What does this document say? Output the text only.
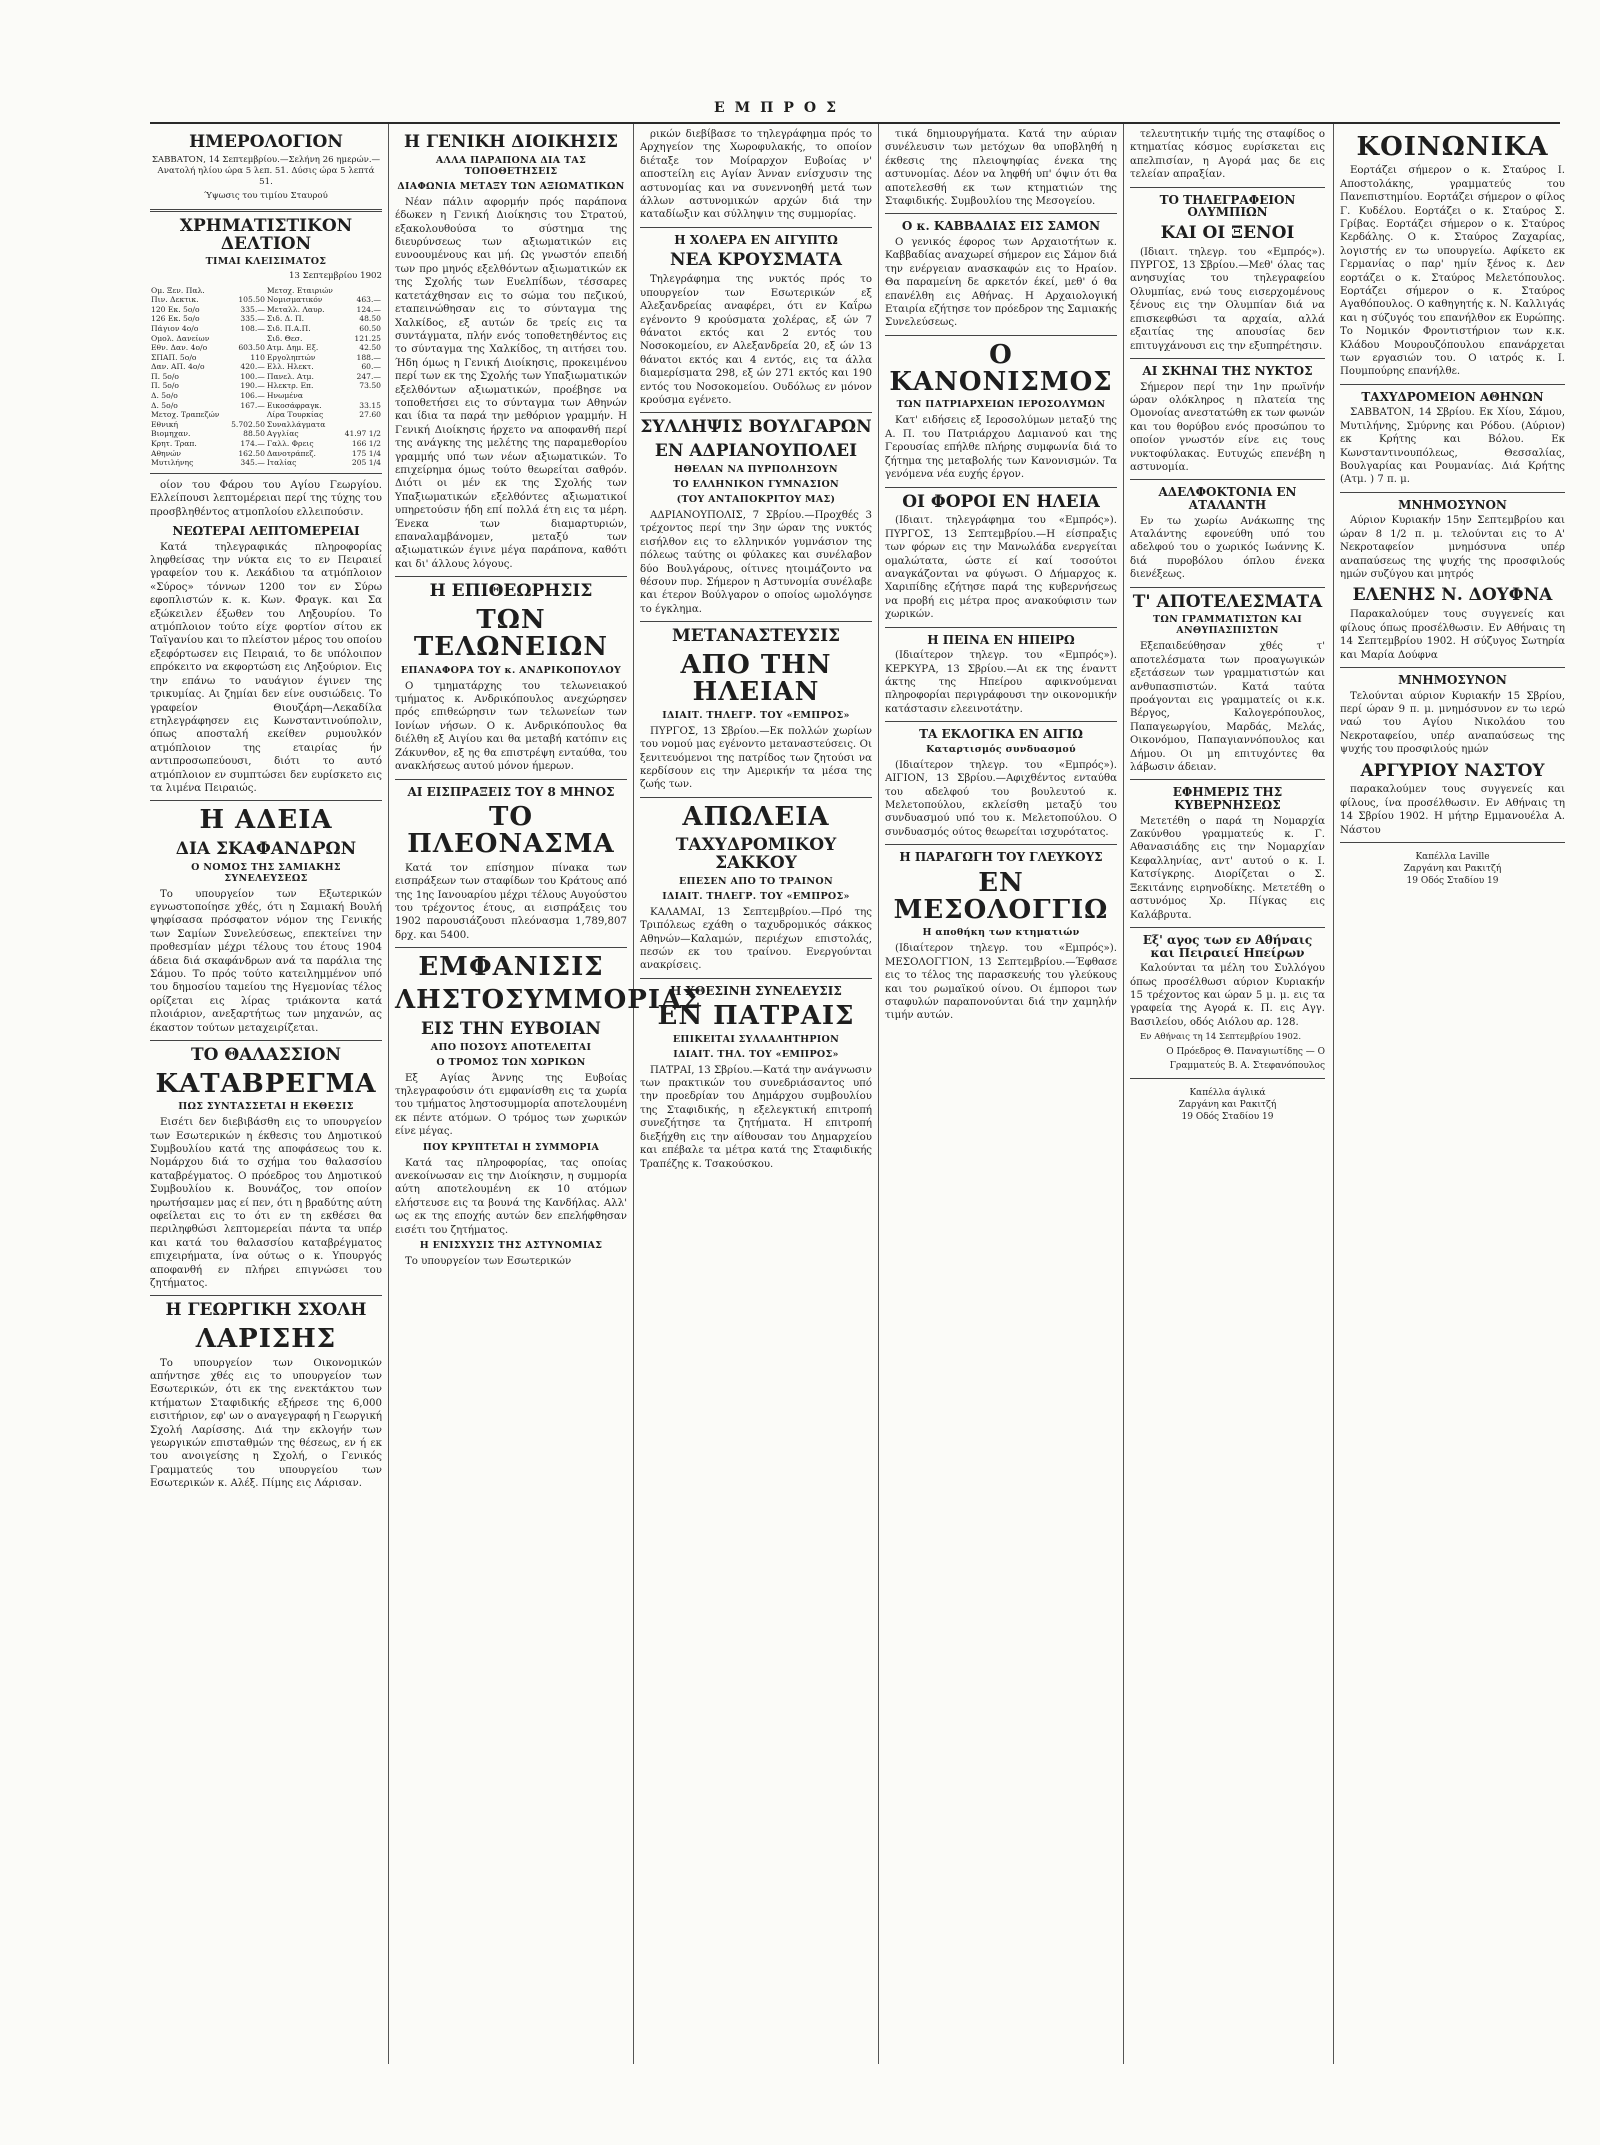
ΕΜΠΡΟΣ
ΗΜΕΡΟΛΟΓΙΟΝ

ΣΑΒΒΑΤΟΝ, 14 Σεπτεμβρίου.—Σελήνη 26 ημερών.— Ανατολή ηλίου ώρα 5 λεπ. 51. Δύσις ώρα 5 λεπτά 51.

Ύψωσις του τιμίου Σταυρού

ΧΡΗΜΑΤΙΣΤΙΚΟΝ ΔΕΛΤΙΟΝ
ΤΙΜΑΙ ΚΛΕΙΣΙΜΑΤΟΣ

13 Σεπτεμβρίου 1902

Ομ. Ξεν. Παλ.		Μετοχ. Εταιριών	
Πιν. Δεκτικ.	105.50	Νομισματικόν	463.—
120 Εκ. 5ο/ο	335.—	Μεταλλ. Λαυρ.	124.—
126 Εκ. 5ο/ο	335.—	Σιδ. Δ. Π.	48.50
Πάγιον 4ο/ο	108.—	Σιδ. Π.Α.Π.	60.50
Ομολ. Δανείων		Σιδ. Θεσ.	121.25
Εθν. Δαν. 4ο/ο	603.50	Ατμ. Δημ. Εξ.	42.50
ΣΠΑΠ. 5ο/ο	110	Εργοληπτών	188.—
Δαν. ΑΠ. 4ο/ο	420.—	Ελλ. Ηλεκτ.	60.—
Π. 5ο/ο	100.—	Πανελ. Ατμ.	247.—
Π. 5ο/ο	190.—	Ηλεκτρ. Επ.	73.50
Δ. 5ο/ο	106.—	Ηνωμένα	
Δ. 5ο/ο	167.—	Εικοσάφραγκ.	33.15
Μετοχ. Τραπεζών		Λίρα Τουρκίας	27.60
Εθνική	5.702.50	Συναλλάγματα	
Βιομηχαν.	88.50	Αγγλίας	41.97 1/2
Κρητ. Τραπ.	174.—	Γαλλ. Φρεις	166 1/2
Αθηνών	162.50	Δανοτράπεζ.	175 1/4
Μυτιλήνης	345.—	Ιταλίας	205 1/4

οίον του Φάρου του Αγίου Γεωργίου. Ελλείπουσι λεπτομέρειαι περί της τύχης του προσβληθέντος ατμοπλοίου ελλειπούσιν.

ΝΕΩΤΕΡΑΙ ΛΕΠΤΟΜΕΡΕΙΑΙ

Κατά τηλεγραφικάς πληροφορίας ληφθείσας την νύκτα εις το εν Πειραιεί γραφείον του κ. Λεκάδιου τα ατμόπλοιον «Σύρος» τόννων 1200 τον εν Σύρω εφοπλιστών κ. κ. Κων. Φραγκ. και Σα εξώκειλεν έξωθεν του Ληξουρίου. Το ατμόπλοιον τούτο είχε φορτίον σίτου εκ Ταϊγανίου και το πλείστον μέρος του οποίου εξεφόρτωσεν εις Πειραιά, το δε υπόλοιπον επρόκειτο να εκφορτώση εις Ληξούριον. Εις την επάνω το ναυάγιον έγινεν της τρικυμίας. Αι ζημίαι δεν είνε ουσιώδεις. Το γραφείον Θιουζάρη—Λεκαδίλα ετηλεγράφησεν εις Κωνσταντινούπολιν, όπως αποσταλή εκείθεν ρυμουλκόν ατμόπλοιον της εταιρίας ήν αντιπροσωπεύουσι, διότι το αυτό ατμόπλοιον εν συμπτώσει δεν ευρίσκετο εις τα λιμένα Πειραιώς.

Η ΑΔΕΙΑ
ΔΙΑ ΣΚΑΦΑΝΔΡΩΝ
Ο ΝΟΜΟΣ ΤΗΣ ΣΑΜΙΑΚΗΣ ΣΥΝΕΛΕΥΣΕΩΣ

Το υπουργείον των Εξωτερικών εγνωστοποίησε χθές, ότι η Σαμιακή Βουλή ψηφίσασα πρόσφατον νόμον της Γενικής των Σαμίων Συνελεύσεως, επεκτείνει την προθεσμίαν μέχρι τέλους του έτους 1904 άδεια διά σκαφάνδρων ανά τα παράλια της Σάμου. Το πρός τούτο κατειλημμένον υπό του δημοσίου ταμείου της Ηγεμονίας τέλος ορίζεται εις λίρας τριάκοντα κατά πλοιάριον, ανεξαρτήτως των μηχανών, ας έκαστον τούτων μεταχειρίζεται.

ΤΟ ΘΑΛΑΣΣΙΟΝ
ΚΑΤΑΒΡΕΓΜΑ
ΠΩΣ ΣΥΝΤΑΣΣΕΤΑΙ Η ΕΚΘΕΣΙΣ

Εισέτι δεν διεβιβάσθη εις το υπουργείον των Εσωτερικών η έκθεσις του Δημοτικού Συμβουλίου κατά της αποφάσεως του κ. Νομάρχου διά το σχήμα του θαλασσίου καταβρέγματος. Ο πρόεδρος του Δημοτικού Συμβουλίου κ. Βουνάζος, τον οποίον ηρωτήσαμεν μας εί πεν, ότι η βραδύτης αύτη οφείλεται εις το ότι εν τη εκθέσει θα περιληφθώσι λεπτομερείαι πάντα τα υπέρ και κατά του θαλασσίου καταβρέγματος επιχειρήματα, ίνα ούτως ο κ. Υπουργός αποφανθή εν πλήρει επιγνώσει του ζητήματος.

Η ΓΕΩΡΓΙΚΗ ΣΧΟΛΗ
ΛΑΡΙΣΗΣ

Το υπουργείον των Οικονομικών απήντησε χθές εις το υπουργείον των Εσωτερικών, ότι εκ της ενεκτάκτου των κτήματων Σταφιδικής εξήρεσε της 6,000 εισιτήριον, εφ' ων ο αναγεγραφή η Γεωργική Σχολή Λαρίσσης. Διά την εκλογήν των γεωργικών επισταθμών της θέσεως, εν ή εκ του ανοιγείσης η Σχολή, ο Γενικός Γραμματεύς του υπουργείου των Εσωτερικών κ. Αλέξ. Πίμης εις Λάρισαν.

Η ΓΕΝΙΚΗ ΔΙΟΙΚΗΣΙΣ
ΑΛΛΑ ΠΑΡΑΠΟΝΑ ΔΙΑ ΤΑΣ ΤΟΠΟΘΕΤΗΣΕΙΣ
ΔΙΑΦΩΝΙΑ ΜΕΤΑΞΥ ΤΩΝ ΑΞΙΩΜΑΤΙΚΩΝ

Νέαν πάλιν αφορμήν πρός παράπονα έδωκεν η Γενική Διοίκησις του Στρατού, εξακολουθούσα το σύστημα της διευρύνσεως των αξιωματικών εις ευνοουμένους και μή. Ως γνωστόν επειδή των προ μηνός εξελθόντων αξιωματικών εκ της Σχολής των Ευελπίδων, τέσσαρες κατετάχθησαν εις το σώμα του πεζικού, εταπεινώθησαν εις το σύνταγμα της Χαλκίδος, εξ αυτών δε τρείς εις τα συντάγματα, πλήν ενός τοποθετηθέντος εις το σύνταγμα της Χαλκίδος, τη αιτήσει του. Ήδη όμως η Γενική Διοίκησις, προκειμένου περί των εκ της Σχολής των Υπαξιωματικών εξελθόντων αξιωματικών, προέβησε να τοποθετήσει εις το σύνταγμα των Αθηνών και ίδια τα παρά την μεθόριον γραμμήν. Η Γενική Διοίκησις ήρχετο να αποφανθή περί της ανάγκης της μελέτης της παραμεθορίου γραμμής υπό των νέων αξιωματικών. Το επιχείρημα όμως τούτο θεωρείται σαθρόν. Διότι οι μέν εκ της Σχολής των Υπαξιωματικών εξελθόντες αξιωματικοί υπηρετούσιν ήδη επί πολλά έτη εις τα μέρη. Ένεκα των διαμαρτυριών, επαναλαμβάνομεν, μεταξύ των αξιωματικών έγινε μέγα παράπονα, καθότι και δι' άλλους λόγους.

Η ΕΠΙΘΕΩΡΗΣΙΣ
ΤΩΝ ΤΕΛΩΝΕΙΩΝ
ΕΠΑΝΑΦΟΡΑ ΤΟΥ κ. ΑΝΔΡΙΚΟΠΟΥΛΟΥ

Ο τμηματάρχης του τελωνειακού τμήματος κ. Ανδρικόπουλος ανεχώρησεν πρός επιθεώρησιν των τελωνείων των Ιονίων νήσων. Ο κ. Ανδρικόπουλος θα διέλθη εξ Αιγίου και θα μεταβή κατόπιν εις Ζάκυνθον, εξ ης θα επιστρέψη ενταύθα, του ανακλήσεως αυτού μόνον ήμερων.

ΑΙ ΕΙΣΠΡΑΞΕΙΣ ΤΟΥ 8 ΜΗΝΟΣ
ΤΟ ΠΛΕΟΝΑΣΜΑ

Κατά τον επίσημον πίνακα των εισπράξεων των σταφίδων του Κράτους από της 1ης Ιανουαρίου μέχρι τέλους Αυγούστου του τρέχοντος έτους, αι εισπράξεις του 1902 παρουσιάζουσι πλεόνασμα 1,789,807 δρχ. και 5400.

ΕΜΦΑΝΙΣΙΣ
ΛΗΣΤΟΣΥΜΜΟΡΙΑΣ
ΕΙΣ ΤΗΝ ΕΥΒΟΙΑΝ
ΑΠΟ ΠΟΣΟΥΣ ΑΠΟΤΕΛΕΙΤΑΙ
Ο ΤΡΟΜΟΣ ΤΩΝ ΧΩΡΙΚΩΝ

Εξ Αγίας Άννης της Ευβοίας τηλεγραφούσιν ότι εμφανίσθη εις τα χωρία του τμήματος ληστοσυμμορία αποτελουμένη εκ πέντε ατόμων. Ο τρόμος των χωρικών είνε μέγας.

ΠΟΥ ΚΡΥΠΤΕΤΑΙ Η ΣΥΜΜΟΡΙΑ

Κατά τας πληροφορίας, τας οποίας ανεκοίνωσαν εις την Διοίκησιν, η συμμορία αύτη αποτελουμένη εκ 10 ατόμων ελήστευσε εις τα βουνά της Κανδήλας. Αλλ' ως εκ της εποχής αυτών δεν επελήφθησαν εισέτι του ζητήματος.

Η ΕΝΙΣΧΥΣΙΣ ΤΗΣ ΑΣΤΥΝΟΜΙΑΣ

Το υπουργείον των Εσωτερικών

ρικών διεβίβασε το τηλεγράφημα πρός το Αρχηγείον της Χωροφυλακής, το οποίον διέταξε τον Μοίραρχον Ευβοίας ν' αποστείλη εις Αγίαν Άνναν ενίσχυσιν της αστυνομίας και να συνεννοηθή μετά των άλλων αστυνομικών αρχών διά την καταδίωξιν και σύλληψιν της συμμορίας.

Η ΧΟΛΕΡΑ ΕΝ ΑΙΓΥΠΤΩ
ΝΕΑ ΚΡΟΥΣΜΑΤΑ

Τηλεγράφημα της νυκτός πρός το υπουργείον των Εσωτερικών εξ Αλεξανδρείας αναφέρει, ότι εν Καΐρω εγένοντο 9 κρούσματα χολέρας, εξ ών 7 θάνατοι εκτός και 2 εντός του Νοσοκομείου, εν Αλεξανδρεία 20, εξ ών 13 θάνατοι εκτός και 4 εντός, εις τα άλλα διαμερίσματα 298, εξ ών 271 εκτός και 190 εντός του Νοσοκομείου. Ουδόλως εν μόνον κρούσμα εγένετο.

ΣΥΛΛΗΨΙΣ ΒΟΥΛΓΑΡΩΝ
ΕΝ ΑΔΡΙΑΝΟΥΠΟΛΕΙ
ΗΘΕΛΑΝ ΝΑ ΠΥΡΠΟΛΗΣΟΥΝ
ΤΟ ΕΛΛΗΝΙΚΟΝ ΓΥΜΝΑΣΙΟΝ
(ΤΟΥ ΑΝΤΑΠΟΚΡΙΤΟΥ ΜΑΣ)

ΑΔΡΙΑΝΟΥΠΟΛΙΣ, 7 Σβρίου.—Προχθές 3 τρέχοντος περί την 3ην ώραν της νυκτός εισήλθον εις το ελληνικόν γυμνάσιον της πόλεως ταύτης οι φύλακες και συνέλαβον δύο Βουλγάρους, οίτινες ητοιμάζοντο να θέσουν πυρ. Σήμερον η Αστυνομία συνέλαβε και έτερον Βούλγαρον ο οποίος ωμολόγησε το έγκλημα.

ΜΕΤΑΝΑΣΤΕΥΣΙΣ
ΑΠΟ ΤΗΝ ΗΛΕΙΑΝ
ΙΔΙΑΙΤ. ΤΗΛΕΓΡ. ΤΟΥ «ΕΜΠΡΟΣ»

ΠΥΡΓΟΣ, 13 Σβρίου.—Εκ πολλών χωρίων του νομού μας εγένοντο μεταναστεύσεις. Οι ξενιτευόμενοι της πατρίδος των ζητούσι να κερδίσουν εις την Αμερικήν τα μέσα της ζωής των.

ΑΠΩΛΕΙΑ
ΤΑΧΥΔΡΟΜΙΚΟΥ ΣΑΚΚΟΥ
ΕΠΕΣΕΝ ΑΠΟ ΤΟ ΤΡΑΙΝΟΝ
ΙΔΙΑΙΤ. ΤΗΛΕΓΡ. ΤΟΥ «ΕΜΠΡΟΣ»

ΚΑΛΑΜΑΙ, 13 Σεπτεμβρίου.—Πρό της Τριπόλεως εχάθη ο ταχυδρομικός σάκκος Αθηνών—Καλαμών, περιέχων επιστολάς, πεσών εκ του τραίνου. Ενεργούνται ανακρίσεις.

Η ΧΘΕΣΙΝΗ ΣΥΝΕΛΕΥΣΙΣ
ΕΝ ΠΑΤΡΑΙΣ
ΕΠΙΚΕΙΤΑΙ ΣΥΛΛΑΛΗΤΗΡΙΟΝ
ΙΔΙΑΙΤ. ΤΗΛ. ΤΟΥ «ΕΜΠΡΟΣ»

ΠΑΤΡΑΙ, 13 Σβρίου.—Κατά την ανάγνωσιν των πρακτικών του συνεδριάσαντος υπό την προεδρίαν του Δημάρχου συμβουλίου της Σταφιδικής, η εξελεγκτική επιτροπή συνεζήτησε τα ζητήματα. Η επιτροπή διεξήχθη εις την αίθουσαν του Δημαρχείου και επέβαλε τα μέτρα κατά της Σταφιδικής Τραπέζης κ. Τσακούσκου.

τικά δημιουργήματα. Κατά την αύριαν συνέλευσιν των μετόχων θα υποβληθή η έκθεσις της πλειοψηφίας ένεκα της αστυνομίας. Δέον να ληφθή υπ' όψιν ότι θα αποτελεσθή εκ των κτηματιών της Σταφιδικής. Συμβουλίου της Μεσογείου.

Ο κ. ΚΑΒΒΑΔΙΑΣ ΕΙΣ ΣΑΜΟΝ

Ο γενικός έφορος των Αρχαιοτήτων κ. Καββαδίας αναχωρεί σήμερον εις Σάμον διά την ενέργειαν ανασκαφών εις το Ηραίον. Θα παραμείνη δε αρκετόν έκεί, μεθ' ό θα επανέλθη εις Αθήνας. Η Αρχαιολογική Εταιρία εζήτησε τον πρόεδρον της Σαμιακής Συνελεύσεως.

Ο ΚΑΝΟΝΙΣΜΟΣ
ΤΩΝ ΠΑΤΡΙΑΡΧΕΙΩΝ ΙΕΡΟΣΟΛΥΜΩΝ

Κατ' ειδήσεις εξ Ιεροσολύμων μεταξύ της Α. Π. του Πατριάρχου Δαμιανού και της Γερουσίας επήλθε πλήρης συμφωνία διά το ζήτημα της μεταβολής των Κανονισμών. Τα γενόμενα νέα ευχής έργον.

ΟΙ ΦΟΡΟΙ ΕΝ ΗΛΕΙΑ

(Ιδιαιτ. τηλεγράφημα του «Εμπρός»). ΠΥΡΓΟΣ, 13 Σεπτεμβρίου.—Η είσπραξις των φόρων εις την Μανωλάδα ενεργείται ομαλώτατα, ώστε εί καί τοσούτοι αναγκάζονται να φύγωσι. Ο Δήμαρχος κ. Χαριπίδης εζήτησε παρά της κυβερνήσεως να προβή εις μέτρα προς ανακούφισιν των χωρικών.

Η ΠΕΙΝΑ ΕΝ ΗΠΕΙΡΩ

(Ιδιαίτερον τηλεγρ. του «Εμπρός»). ΚΕΡΚΥΡΑ, 13 Σβρίου.—Αι εκ της ένανττ άκτης της Ηπείρου αφικνούμεναι πληροφορίαι περιγράφουσι την οικονομικήν κατάστασιν ελεεινοτάτην.

ΤΑ ΕΚΛΟΓΙΚΑ ΕΝ ΑΙΓΙΩ
Καταρτισμός συνδυασμού

(Ιδιαίτερον τηλεγρ. του «Εμπρός»). ΑΙΓΙΟΝ, 13 Σβρίου.—Αφιχθέντος ενταύθα του αδελφού του βουλευτού κ. Μελετοπούλου, εκλείσθη μεταξύ του συνδυασμού υπό του κ. Μελετοπούλου. Ο συνδυασμός ούτος θεωρείται ισχυρότατος.

Η ΠΑΡΑΓΩΓΗ ΤΟΥ ΓΛΕΥΚΟΥΣ
ΕΝ ΜΕΣΟΛΟΓΓΙΩ
Η αποθήκη των κτηματιών

(Ιδιαίτερον τηλεγρ. του «Εμπρός»). ΜΕΣΟΛΟΓΓΙΟΝ, 13 Σεπτεμβρίου.—Έφθασε εις το τέλος της παρασκευής του γλεύκους και του ρωμαϊκού οίνου. Οι έμποροι των σταφυλών παραπονούνται διά την χαμηλήν τιμήν αυτών.

τελευτητικήν τιμής της σταφίδος ο κτηματίας κόσμος ευρίσκεται εις απελπισίαν, η Αγορά μας δε εις τελείαν απραξίαν.

ΤΟ ΤΗΛΕΓΡΑΦΕΙΟΝ ΟΛΥΜΠΙΩΝ
ΚΑΙ ΟΙ ΞΕΝΟΙ

(Ιδιαιτ. τηλεγρ. του «Εμπρός»). ΠΥΡΓΟΣ, 13 Σβρίου.—Μεθ' όλας τας ανησυχίας του τηλεγραφείου Ολυμπίας, ενώ τους εισερχομένους ξένους εις την Ολυμπίαν διά να επισκεφθώσι τα αρχαία, αλλά εξαιτίας της απουσίας δεν επιτυγχάνουσι εις την εξυπηρέτησιν.

ΑΙ ΣΚΗΝΑΙ ΤΗΣ ΝΥΚΤΟΣ

Σήμερον περί την 1ην πρωϊνήν ώραν ολόκληρος η πλατεία της Ομονοίας ανεστατώθη εκ των φωνών και του θορύβου ενός προσώπου το οποίον γνωστόν είνε εις τους νυκτοφύλακας. Ευτυχώς επενέβη η αστυνομία.

ΑΔΕΛΦΟΚΤΟΝΙΑ ΕΝ ΑΤΑΛΑΝΤΗ

Εν τω χωρίω Ανάκωπης της Αταλάντης εφονεύθη υπό του αδελφού του ο χωρικός Ιωάννης Κ. διά πυροβόλου όπλου ένεκα διενέξεως.

Τ' ΑΠΟΤΕΛΕΣΜΑΤΑ
ΤΩΝ ΓΡΑΜΜΑΤΙΣΤΩΝ ΚΑΙ ΑΝΘΥΠΑΣΠΙΣΤΩΝ

Εξεπαιδεύθησαν χθές τ' αποτελέσματα των προαγωγικών εξετάσεων των γραμματιστών και ανθυπασπιστών. Κατά ταύτα προάγονται εις γραμματείς οι κ.κ. Βέργος, Καλογερόπουλος, Παπαγεωργίου, Μαρδάς, Μελάς, Οικονόμου, Παπαγιαννόπουλος και Δήμου. Οι μη επιτυχόντες θα λάβωσιν άδειαν.

ΕΦΗΜΕΡΙΣ ΤΗΣ ΚΥΒΕΡΝΗΣΕΩΣ

Μετετέθη ο παρά τη Νομαρχία Ζακύνθου γραμματεύς κ. Γ. Αθανασιάδης εις την Νομαρχίαν Κεφαλληνίας, αντ' αυτού ο κ. Ι. Κατσίγκρης. Διορίζεται ο Σ. Ξεκιτάνης ειρηνοδίκης. Μετετέθη ο αστυνόμος Χρ. Πίγκας εις Καλάβρυτα.

Εξ' αγος των εν Αθήναις και Πειραιεί Ηπείρων

Καλούνται τα μέλη του Συλλόγου όπως προσέλθωσι αύριον Κυριακήν 15 τρέχοντος και ώραν 5 μ. μ. εις τα γραφεία της Αγορά κ. Π. εις Αγγ. Βασιλείου, οδός Αιόλου αρ. 128.

Εν Αθήναις τη 14 Σεπτεμβρίου 1902.

Ο Πρόεδρος Θ. Παναγιωτίδης — Ο Γραμματεύς Β. Α. Στεφανόπουλος

Καπέλλα άγλικά
Ζαργάνη και Ρακιτζή
19 Οδός Σταδίου 19
ΚΟΙΝΩΝΙΚΑ

Εορτάζει σήμερον ο κ. Σταύρος Ι. Αποστολάκης, γραμματεύς του Πανεπιστημίου. Εορτάζει σήμερον ο φίλος Γ. Κυδέλου. Εορτάζει ο κ. Σταύρος Σ. Γρίβας. Εορτάζει σήμερον ο κ. Σταύρος Κερδάλης. Ο κ. Σταύρος Ζαχαρίας, λογιστής εν τω υπουργείω. Αφίκετο εκ Γερμανίας ο παρ' ημίν ξένος κ. Δεν εορτάζει ο κ. Σταύρος Μελετόπουλος. Εορτάζει σήμερον ο κ. Σταύρος Αγαθόπουλος. Ο καθηγητής κ. Ν. Καλλιγάς και η σύζυγός του επανήλθον εκ Ευρώπης. Το Νομικόν Φροντιστήριον των κ.κ. Κλάδου Μουρουζόπουλου επανάρχεται των εργασιών του. Ο ιατρός κ. Ι. Πουμπούρης επανήλθε.

ΤΑΧΥΔΡΟΜΕΙΟΝ ΑΘΗΝΩΝ

ΣΑΒΒΑΤΟΝ, 14 Σβρίου. Εκ Χίου, Σάμου, Μυτιλήνης, Σμύρνης και Ρόδου. (Αύριον) εκ Κρήτης και Βόλου. Εκ Κωνσταντινουπόλεως, Θεσσαλίας, Βουλγαρίας και Ρουμανίας. Διά Κρήτης (Ατμ. ) 7 π. μ.

ΜΝΗΜΟΣΥΝΟΝ

Αύριον Κυριακήν 15ην Σεπτεμβρίου και ώραν 8 1/2 π. μ. τελούνται εις το Α' Νεκροταφείον μνημόσυνα υπέρ αναπαύσεως της ψυχής της προσφιλούς ημών συζύγου και μητρός

ΕΛΕΝΗΣ Ν. ΔΟΥΦΝΑ

Παρακαλούμεν τους συγγενείς και φίλους όπως προσέλθωσιν. Εν Αθήναις τη 14 Σεπτεμβρίου 1902. Η σύζυγος Σωτηρία και Μαρία Δούφνα

ΜΝΗΜΟΣΥΝΟΝ

Τελούνται αύριον Κυριακήν 15 Σβρίου, περί ώραν 9 π. μ. μνημόσυνον εν τω ιερώ ναώ του Αγίου Νικολάου του Νεκροταφείου, υπέρ αναπαύσεως της ψυχής του προσφιλούς ημών

ΑΡΓΥΡΙΟΥ ΝΑΣΤΟΥ

παρακαλούμεν τους συγγενείς και φίλους, ίνα προσέλθωσιν. Εν Αθήναις τη 14 Σβρίου 1902. Η μήτηρ Εμμανουέλα Α. Νάστου

Καπέλλα Laville
Ζαργάνη και Ρακιτζή
19 Οδός Σταδίου 19
